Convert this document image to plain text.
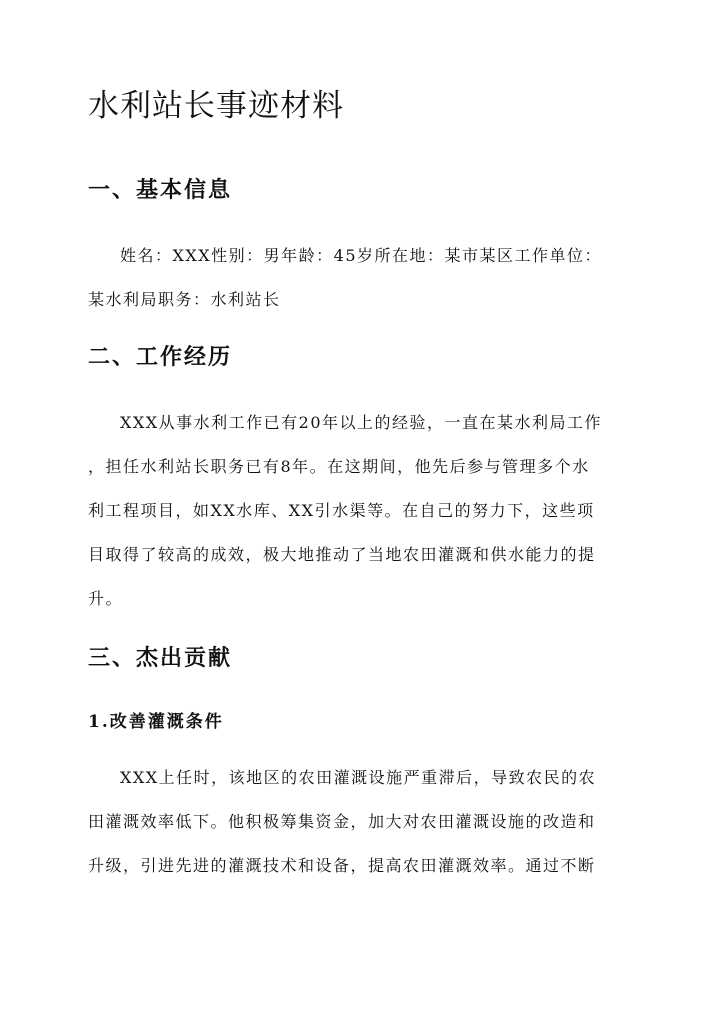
水利站长事迹材料
一、基本信息

姓名：XXX性别：男年龄：45岁所在地：某市某区工作单位：

某水利局职务：水利站长

二、工作经历

XXX从事水利工作已有20年以上的经验，一直在某水利局工作

，担任水利站长职务已有8年。在这期间，他先后参与管理多个水

利工程项目，如XX水库、XX引水渠等。在自己的努力下，这些项

目取得了较高的成效，极大地推动了当地农田灌溉和供水能力的提

升。

三、杰出贡献
1.改善灌溉条件

XXX上任时，该地区的农田灌溉设施严重滞后，导致农民的农

田灌溉效率低下。他积极筹集资金，加大对农田灌溉设施的改造和

升级，引进先进的灌溉技术和设备，提高农田灌溉效率。通过不断
